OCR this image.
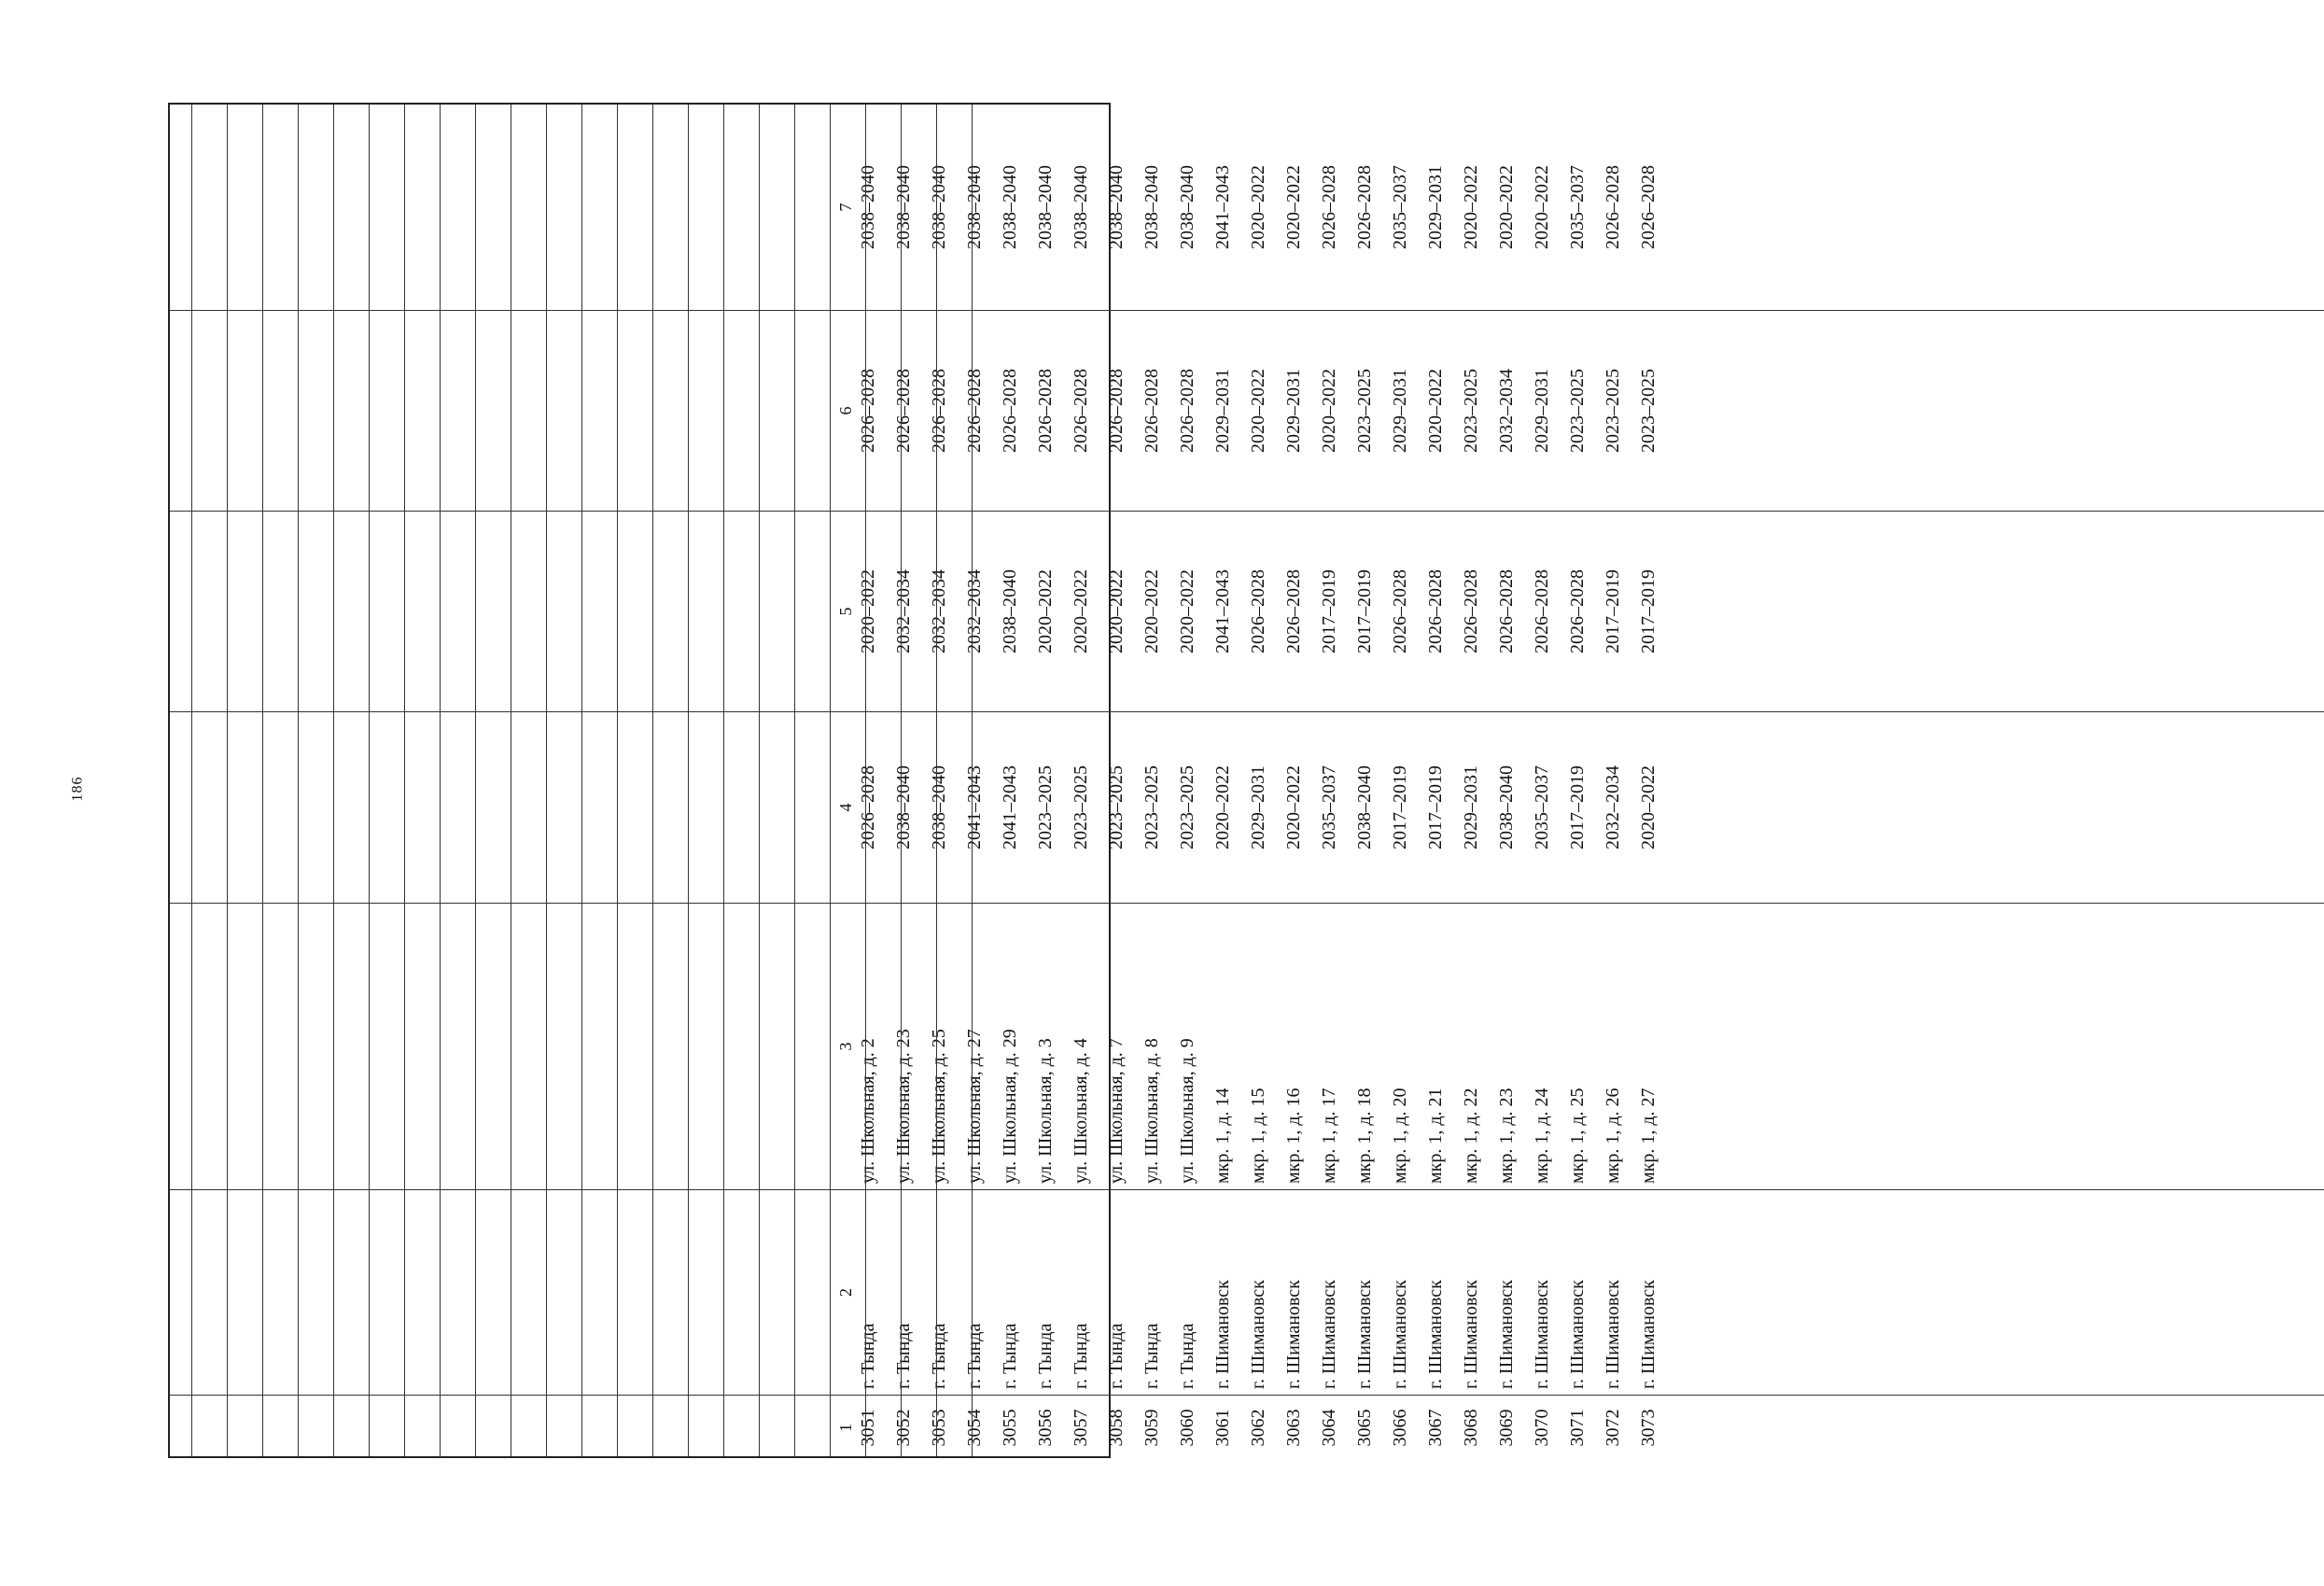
186
1
2
3
4
5
6
7
3051
г. Тында
ул. Школьная, д. 2
2026–2028
2020–2022
2026–2028
2038–2040
3052
г. Тында
ул. Школьная, д. 23
2038–2040
2032–2034
2026–2028
2038–2040
3053
г. Тында
ул. Школьная, д. 25
2038–2040
2032–2034
2026–2028
2038–2040
3054
г. Тында
ул. Школьная, д. 27
2041–2043
2032–2034
2026–2028
2038–2040
3055
г. Тында
ул. Школьная, д. 29
2041–2043
2038–2040
2026–2028
2038–2040
3056
г. Тында
ул. Школьная, д. 3
2023–2025
2020–2022
2026–2028
2038–2040
3057
г. Тында
ул. Школьная, д. 4
2023–2025
2020–2022
2026–2028
2038–2040
3058
г. Тында
ул. Школьная, д. 7
2023–2025
2020–2022
2026–2028
2038–2040
3059
г. Тында
ул. Школьная, д. 8
2023–2025
2020–2022
2026–2028
2038–2040
3060
г. Тында
ул. Школьная, д. 9
2023–2025
2020–2022
2026–2028
2038–2040
3061
г. Шимановск
мкр. 1, д. 14
2020–2022
2041–2043
2029–2031
2041–2043
3062
г. Шимановск
мкр. 1, д. 15
2029–2031
2026–2028
2020–2022
2020–2022
3063
г. Шимановск
мкр. 1, д. 16
2020–2022
2026–2028
2029–2031
2020–2022
3064
г. Шимановск
мкр. 1, д. 17
2035–2037
2017–2019
2020–2022
2026–2028
3065
г. Шимановск
мкр. 1, д. 18
2038–2040
2017–2019
2023–2025
2026–2028
3066
г. Шимановск
мкр. 1, д. 20
2017–2019
2026–2028
2029–2031
2035–2037
3067
г. Шимановск
мкр. 1, д. 21
2017–2019
2026–2028
2020–2022
2029–2031
3068
г. Шимановск
мкр. 1, д. 22
2029–2031
2026–2028
2023–2025
2020–2022
3069
г. Шимановск
мкр. 1, д. 23
2038–2040
2026–2028
2032–2034
2020–2022
3070
г. Шимановск
мкр. 1, д. 24
2035–2037
2026–2028
2029–2031
2020–2022
3071
г. Шимановск
мкр. 1, д. 25
2017–2019
2026–2028
2023–2025
2035–2037
3072
г. Шимановск
мкр. 1, д. 26
2032–2034
2017–2019
2023–2025
2026–2028
3073
г. Шимановск
мкр. 1, д. 27
2020–2022
2017–2019
2023–2025
2026–2028
